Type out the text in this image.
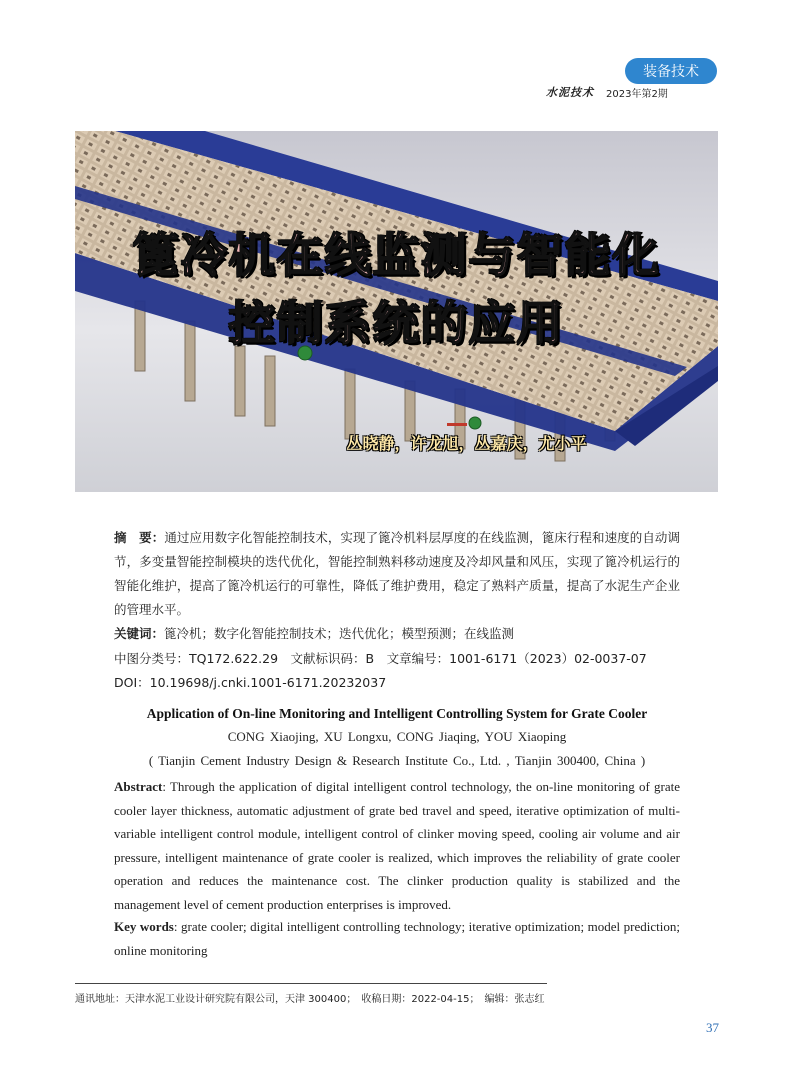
装备技术
水泥技术 2023年第2期
篦冷机在线监测与智能化
控制系统的应用
丛晓静，许龙旭，丛嘉庆，尤小平
摘　要：通过应用数字化智能控制技术，实现了篦冷机料层厚度的在线监测，篦床行程和速度的自动调节，多变量智能控制模块的迭代优化，智能控制熟料移动速度及冷却风量和风压，实现了篦冷机运行的智能化维护，提高了篦冷机运行的可靠性，降低了维护费用，稳定了熟料产质量，提高了水泥生产企业的管理水平。
关键词：篦冷机；数字化智能控制技术；迭代优化；模型预测；在线监测
中图分类号：TQ172.622.29　文献标识码：B　文章编号：1001-6171（2023）02-0037-07
DOI：10.19698/j.cnki.1001-6171.20232037
Application of On-line Monitoring and Intelligent Controlling System for Grate Cooler
CONG Xiaojing, XU Longxu, CONG Jiaqing, YOU Xiaoping
( Tianjin Cement Industry Design & Research Institute Co., Ltd. , Tianjin 300400, China )
Abstract: Through the application of digital intelligent control technology, the on-line monitoring of grate cooler layer thickness, automatic adjustment of grate bed travel and speed, iterative optimization of multi-variable intelligent control module, intelligent control of clinker moving speed, cooling air volume and air pressure, intelligent maintenance of grate cooler is realized, which improves the reliability of grate cooler operation and reduces the maintenance cost. The clinker production quality is stabilized and the management level of cement production enterprises is improved.
Key words: grate cooler; digital intelligent controlling technology; iterative optimization; model prediction; online monitoring
通讯地址：天津水泥工业设计研究院有限公司，天津 300400；　收稿日期：2022-04-15；　编辑：张志红
37
